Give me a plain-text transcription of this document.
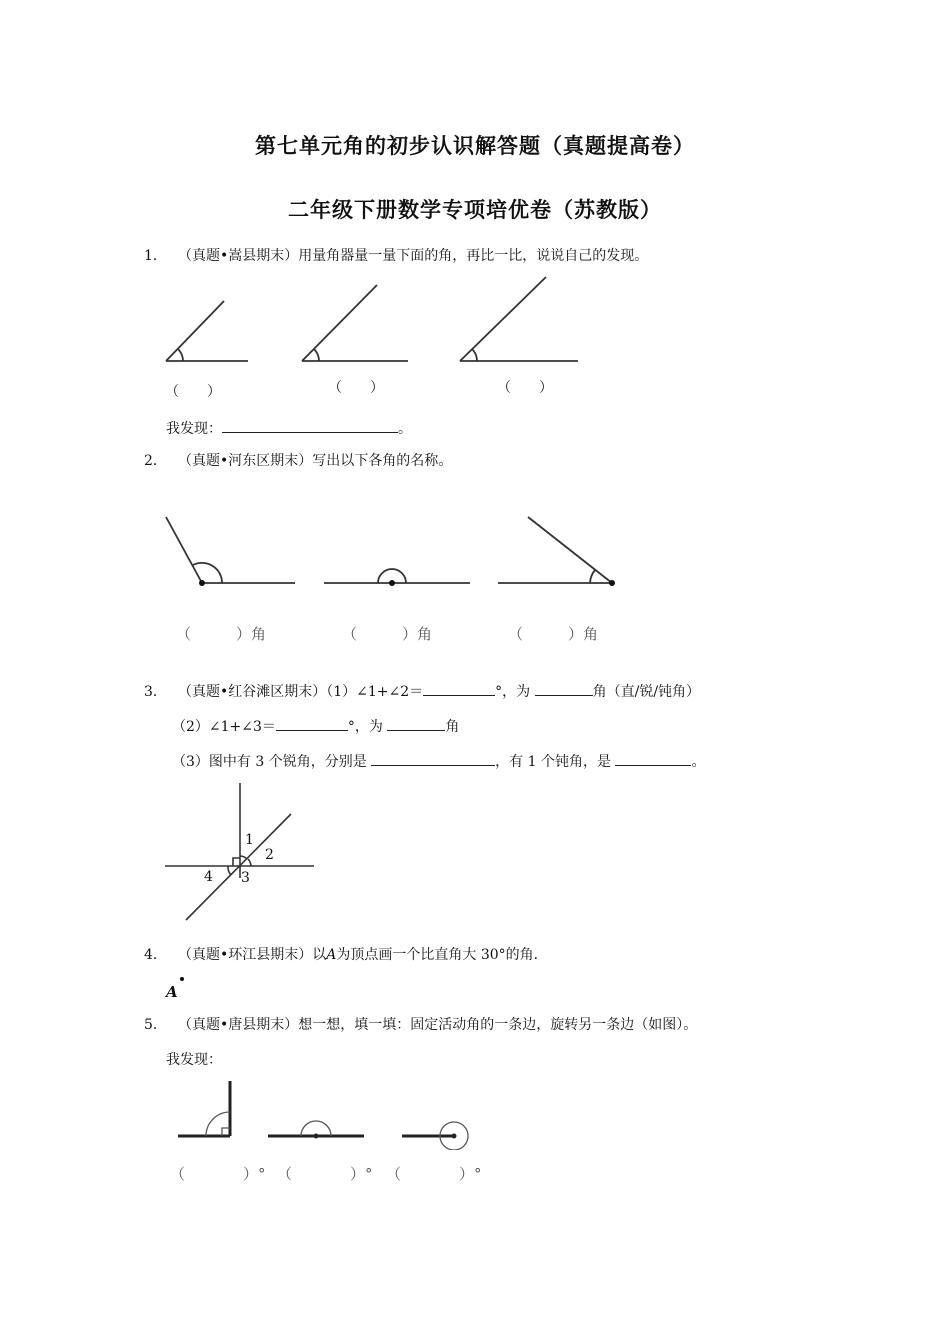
第七单元角的初步认识解答题（真题提高卷）
二年级下册数学专项培优卷（苏教版）
1． （真题•嵩县期末）用量角器量一量下面的角，再比一比，说说自己的发现。
（　　）	（　　）	（　　）
我发现：	。
2． （真题•河东区期末）写出以下各角的名称。
（　　　）角	（　　　）角	（　　　）角
3． （真题•红谷滩区期末）（1）∠1+∠2＝	°，为	角（直/锐/钝角）
（2）∠1+∠3＝	°，为	角
（3）图中有 3 个锐角，分别是	，有 1 个钝角，是	。
1
2
3
4
4． （真题•环江县期末）以A为顶点画一个比直角大 30°的角．
A
5． （真题•唐县期末）想一想，填一填：固定活动角的一条边，旋转另一条边（如图）。
我发现：
（	）° （	）° （	）°
